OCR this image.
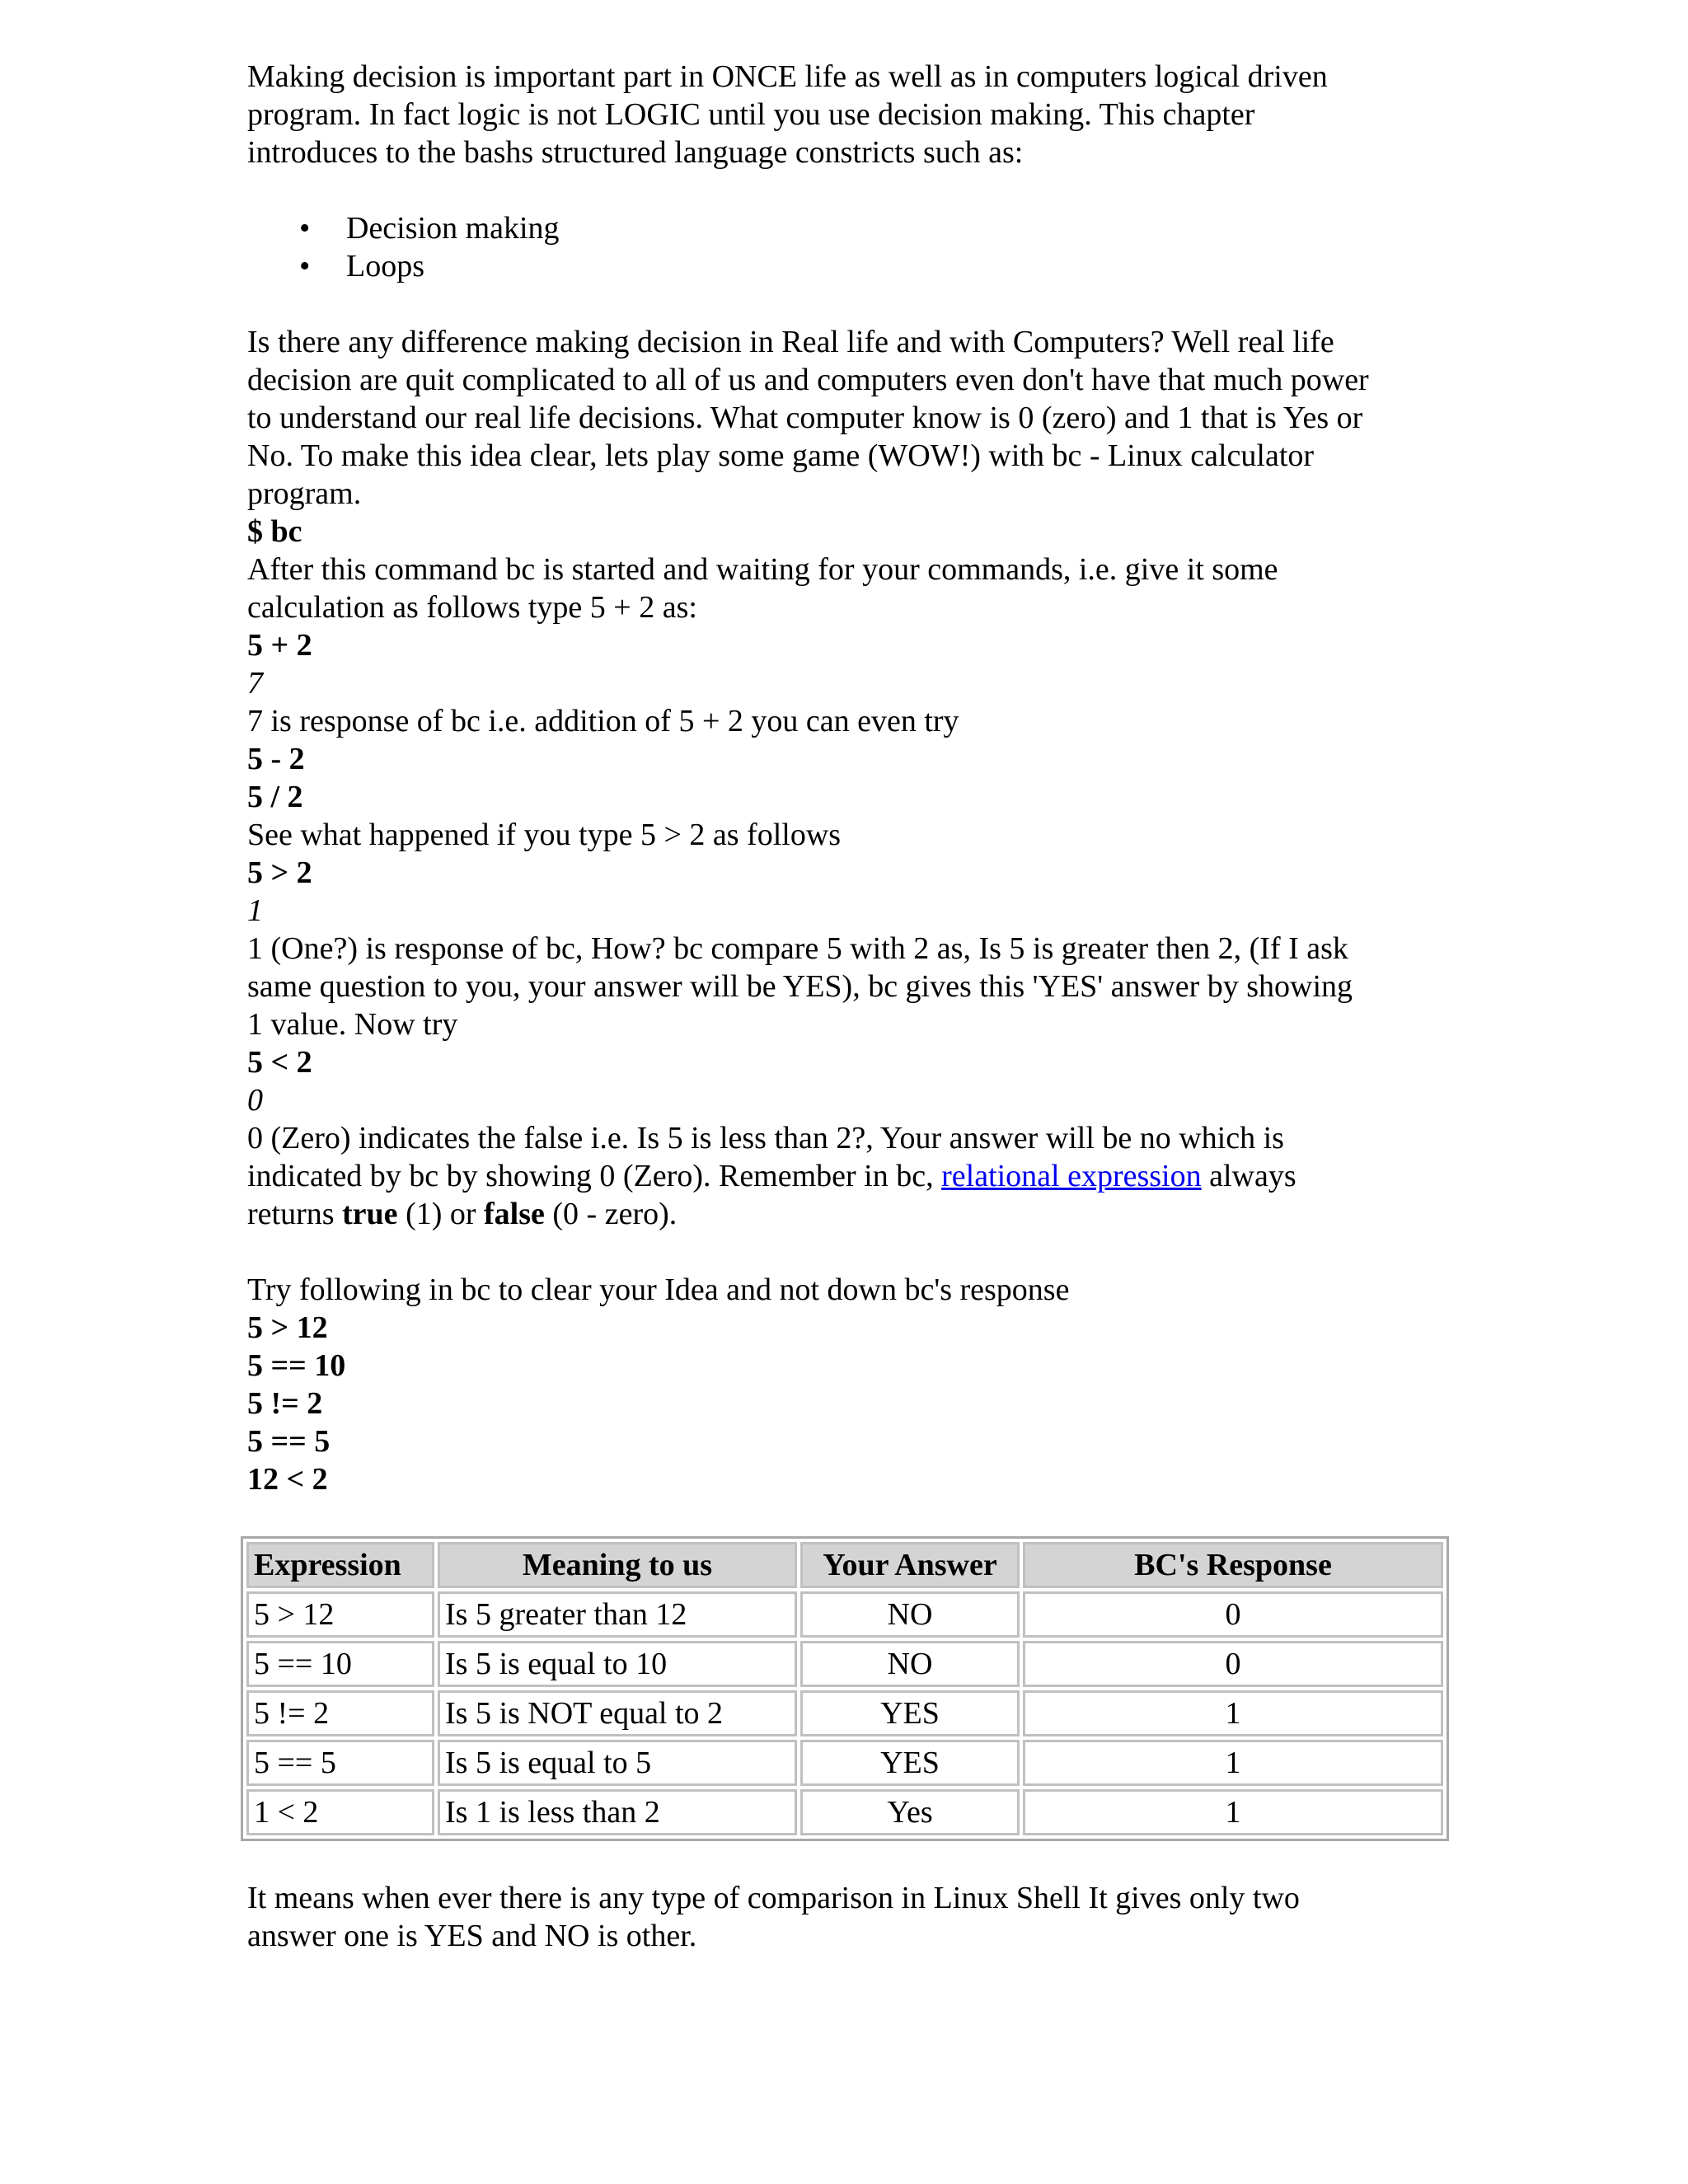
Making decision is important part in ONCE life as well as in computers logical driven
program. In fact logic is not LOGIC until you use decision making. This chapter
introduces to the bashs structured language constricts such as:

• Decision making
• Loops

Is there any difference making decision in Real life and with Computers? Well real life
decision are quit complicated to all of us and computers even don't have that much power
to understand our real life decisions. What computer know is 0 (zero) and 1 that is Yes or
No. To make this idea clear, lets play some game (WOW!) with bc - Linux calculator
program.

$ bc

After this command bc is started and waiting for your commands, i.e. give it some
calculation as follows type 5 + 2 as:

5 + 2

7

7 is response of bc i.e. addition of 5 + 2 you can even try

5 - 2

5 / 2

See what happened if you type 5 > 2 as follows

5 > 2

1

1 (One?) is response of bc, How? bc compare 5 with 2 as, Is 5 is greater then 2, (If I ask
same question to you, your answer will be YES), bc gives this 'YES' answer by showing
1 value. Now try

5 < 2

0

0 (Zero) indicates the false i.e. Is 5 is less than 2?, Your answer will be no which is
indicated by bc by showing 0 (Zero). Remember in bc, relational expression always
returns true (1) or false (0 - zero).

Try following in bc to clear your Idea and not down bc's response

5 > 12

5 == 10

5 != 2

5 == 5

12 < 2

Expression	Meaning to us	Your Answer	BC's Response
5 > 12	Is 5 greater than 12	NO	0
5 == 10	Is 5 is equal to 10	NO	0
5 != 2	Is 5 is NOT equal to 2	YES	1
5 == 5	Is 5 is equal to 5	YES	1
1 < 2	Is 1 is less than 2	Yes	1

It means when ever there is any type of comparison in Linux Shell It gives only two
answer one is YES and NO is other.
